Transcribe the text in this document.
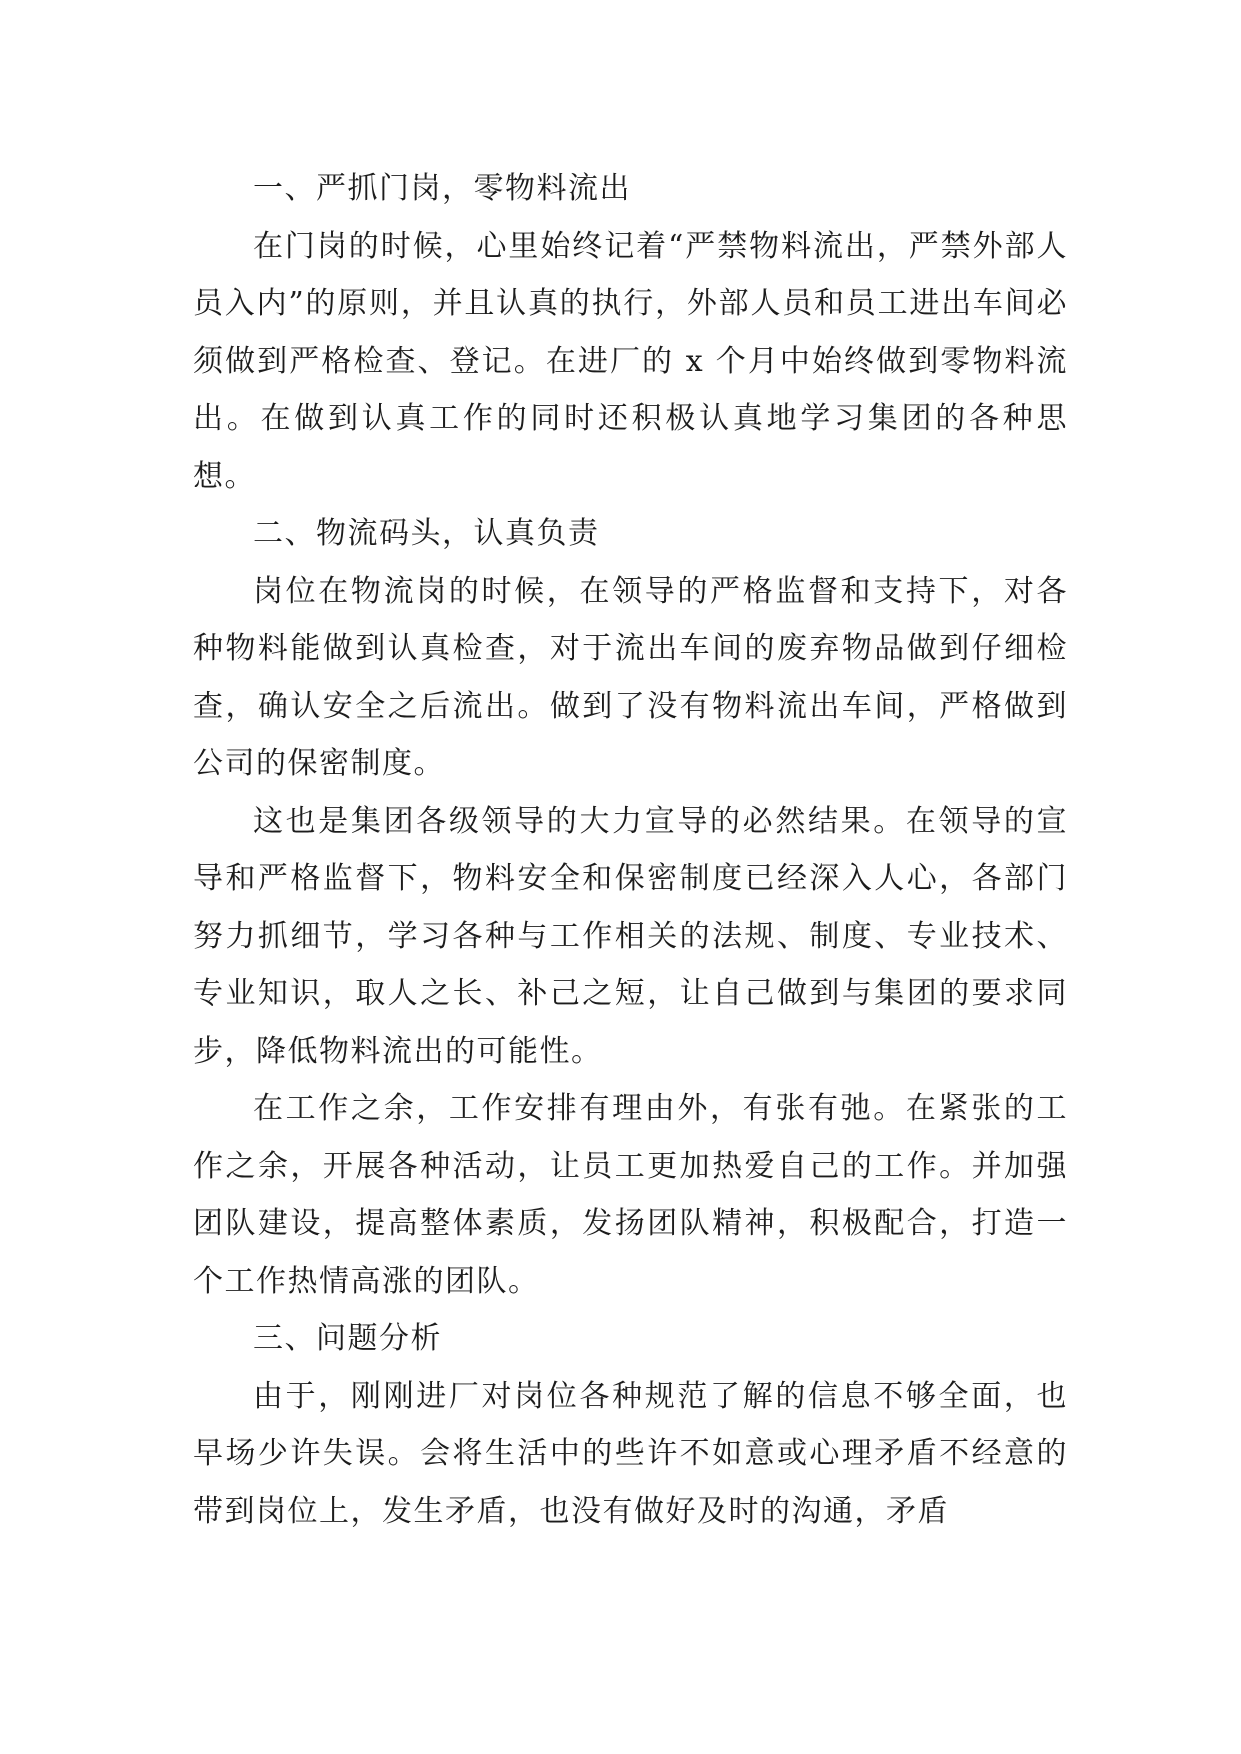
一、严抓门岗，零物料流出

在门岗的时候，心里始终记着“严禁物料流出，严禁外部人员入内”的原则，并且认真的执行，外部人员和员工进出车间必须做到严格检查、登记。在进厂的 x 个月中始终做到零物料流出。在做到认真工作的同时还积极认真地学习集团的各种思想。

二、物流码头，认真负责

岗位在物流岗的时候，在领导的严格监督和支持下，对各种物料能做到认真检查，对于流出车间的废弃物品做到仔细检查，确认安全之后流出。做到了没有物料流出车间，严格做到公司的保密制度。

这也是集团各级领导的大力宣导的必然结果。在领导的宣导和严格监督下，物料安全和保密制度已经深入人心，各部门努力抓细节，学习各种与工作相关的法规、制度、专业技术、专业知识，取人之长、补己之短，让自己做到与集团的要求同步，降低物料流出的可能性。

在工作之余，工作安排有理由外，有张有弛。在紧张的工作之余，开展各种活动，让员工更加热爱自己的工作。并加强团队建设，提高整体素质，发扬团队精神，积极配合，打造一个工作热情高涨的团队。

三、问题分析

由于，刚刚进厂对岗位各种规范了解的信息不够全面，也早场少许失误。会将生活中的些许不如意或心理矛盾不经意的带到岗位上，发生矛盾，也没有做好及时的沟通，矛盾
